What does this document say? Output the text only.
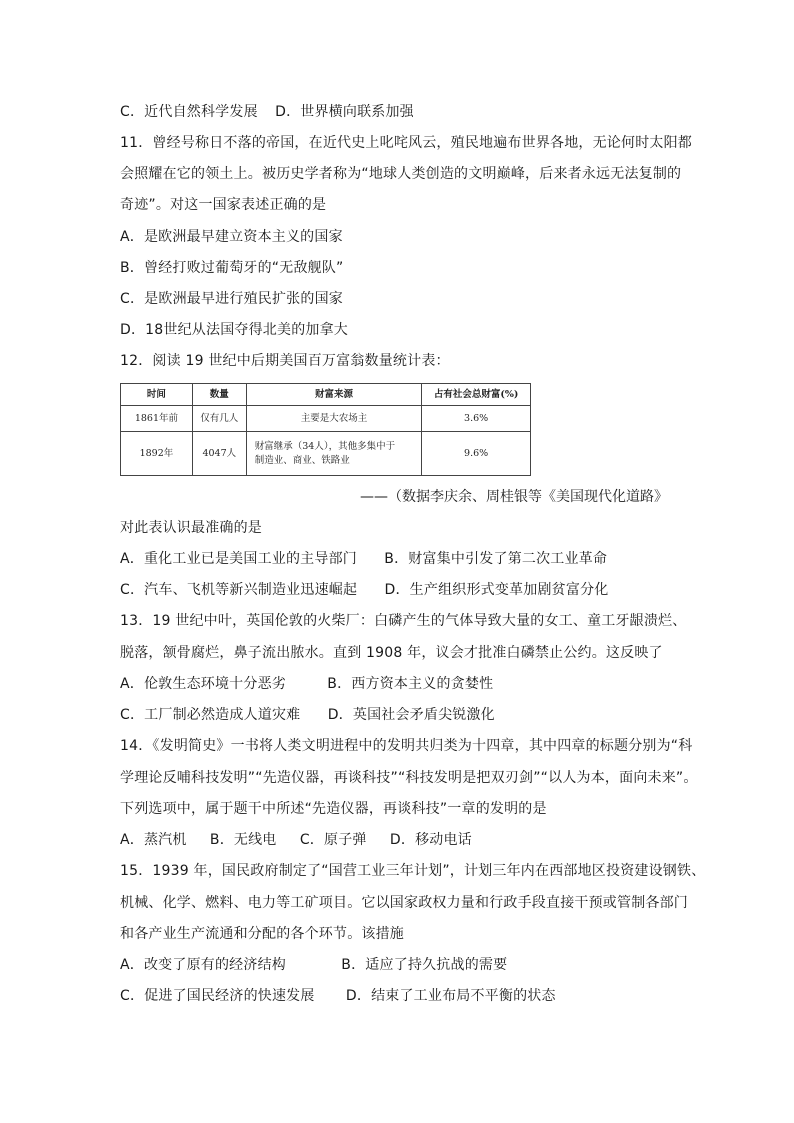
C．近代自然科学发展 D．世界横向联系加强
11．曾经号称日不落的帝国，在近代史上叱咤风云，殖民地遍布世界各地，无论何时太阳都
会照耀在它的领土上。被历史学者称为“地球人类创造的文明巅峰，后来者永远无法复制的
奇迹”。对这一国家表述正确的是
A．是欧洲最早建立资本主义的国家
B．曾经打败过葡萄牙的“无敌舰队”
C．是欧洲最早进行殖民扩张的国家
D．18世纪从法国夺得北美的加拿大
12．阅读 19 世纪中后期美国百万富翁数量统计表：
时间	数量	财富来源	占有社会总财富(%)
1861年前	仅有几人	主要是大农场主	3.6%
1892年	4047人	财富继承（34人），其他多集中于
制造业、商业、铁路业	9.6%
——（数据李庆余、周桂银等《美国现代化道路》
对此表认识最准确的是
A．重化工业已是美国工业的主导部门 B．财富集中引发了第二次工业革命
C．汽车、飞机等新兴制造业迅速崛起 D．生产组织形式变革加剧贫富分化
13．19 世纪中叶，英国伦敦的火柴厂：白磷产生的气体导致大量的女工、童工牙龈溃烂、
脱落，颔骨腐烂，鼻子流出脓水。直到 1908 年，议会才批准白磷禁止公约。这反映了
A．伦敦生态环境十分恶劣	B．西方资本主义的贪婪性
C．工厂制必然造成人道灾难 D．英国社会矛盾尖锐激化
14．《发明简史》一书将人类文明进程中的发明共归类为十四章，其中四章的标题分别为“科
学理论反哺科技发明”“先造仪器，再谈科技”“科技发明是把双刃剑”“以人为本，面向未来”。
下列选项中，属于题干中所述“先造仪器，再谈科技”一章的发明的是
A．蒸汽机 B．无线电 C．原子弹 D．移动电话
15．1939 年，国民政府制定了“国营工业三年计划”，计划三年内在西部地区投资建设钢铁、
机械、化学、燃料、电力等工矿项目。它以国家政权力量和行政手段直接干预或管制各部门
和各产业生产流通和分配的各个环节。该措施
A．改变了原有的经济结构	B．适应了持久抗战的需要
C．促进了国民经济的快速发展 D．结束了工业布局不平衡的状态
